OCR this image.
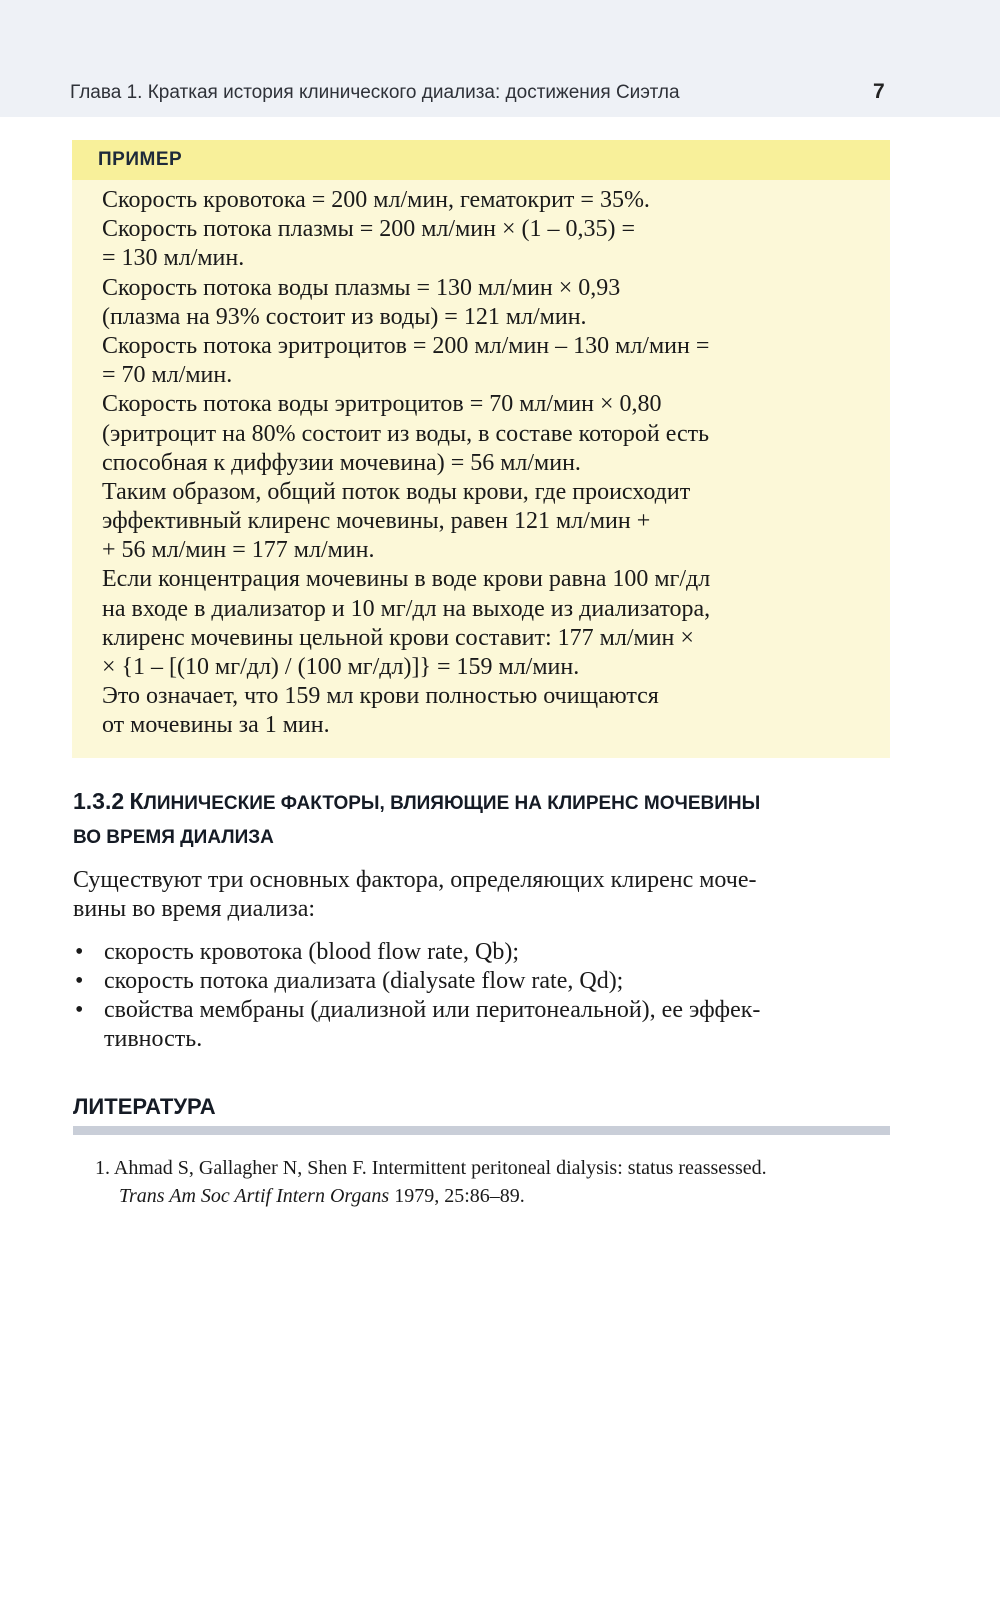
Глава 1. Краткая история клинического диализа: достижения Сиэтла	7
ПРИМЕР
Скорость кровотока = 200 мл/мин, гематокрит = 35%.
Скорость потока плазмы = 200 мл/мин × (1 – 0,35) =
= 130 мл/мин.
Скорость потока воды плазмы = 130 мл/мин × 0,93
(плазма на 93% состоит из воды) = 121 мл/мин.
Скорость потока эритроцитов = 200 мл/мин – 130 мл/мин =
= 70 мл/мин.
Скорость потока воды эритроцитов = 70 мл/мин × 0,80
(эритроцит на 80% состоит из воды, в составе которой есть
способная к диффузии мочевина) = 56 мл/мин.
Таким образом, общий поток воды крови, где происходит
эффективный клиренс мочевины, равен 121 мл/мин +
+ 56 мл/мин = 177 мл/мин.
Если концентрация мочевины в воде крови равна 100 мг/дл
на входе в диализатор и 10 мг/дл на выходе из диализатора,
клиренс мочевины цельной крови составит: 177 мл/мин ×
× {1 – [(10 мг/дл) / (100 мг/дл)]} = 159 мл/мин.
Это означает, что 159 мл крови полностью очищаются
от мочевины за 1 мин.
1.3.2 КЛИНИЧЕСКИЕ ФАКТОРЫ, ВЛИЯЮЩИЕ НА КЛИРЕНС МОЧЕВИНЫ
ВО ВРЕМЯ ДИАЛИЗА
Существуют три основных фактора, определяющих клиренс моче-
вины во время диализа:
• скорость кровотока (blood flow rate, Qb);
• скорость потока диализата (dialysate flow rate, Qd);
• свойства мембраны (диализной или перитонеальной), ее эффек-
тивность.
ЛИТЕРАТУРА
1. Ahmad S, Gallagher N, Shen F. Intermittent peritoneal dialysis: status reassessed.
Trans Am Soc Artif Intern Organs 1979, 25:86–89.
